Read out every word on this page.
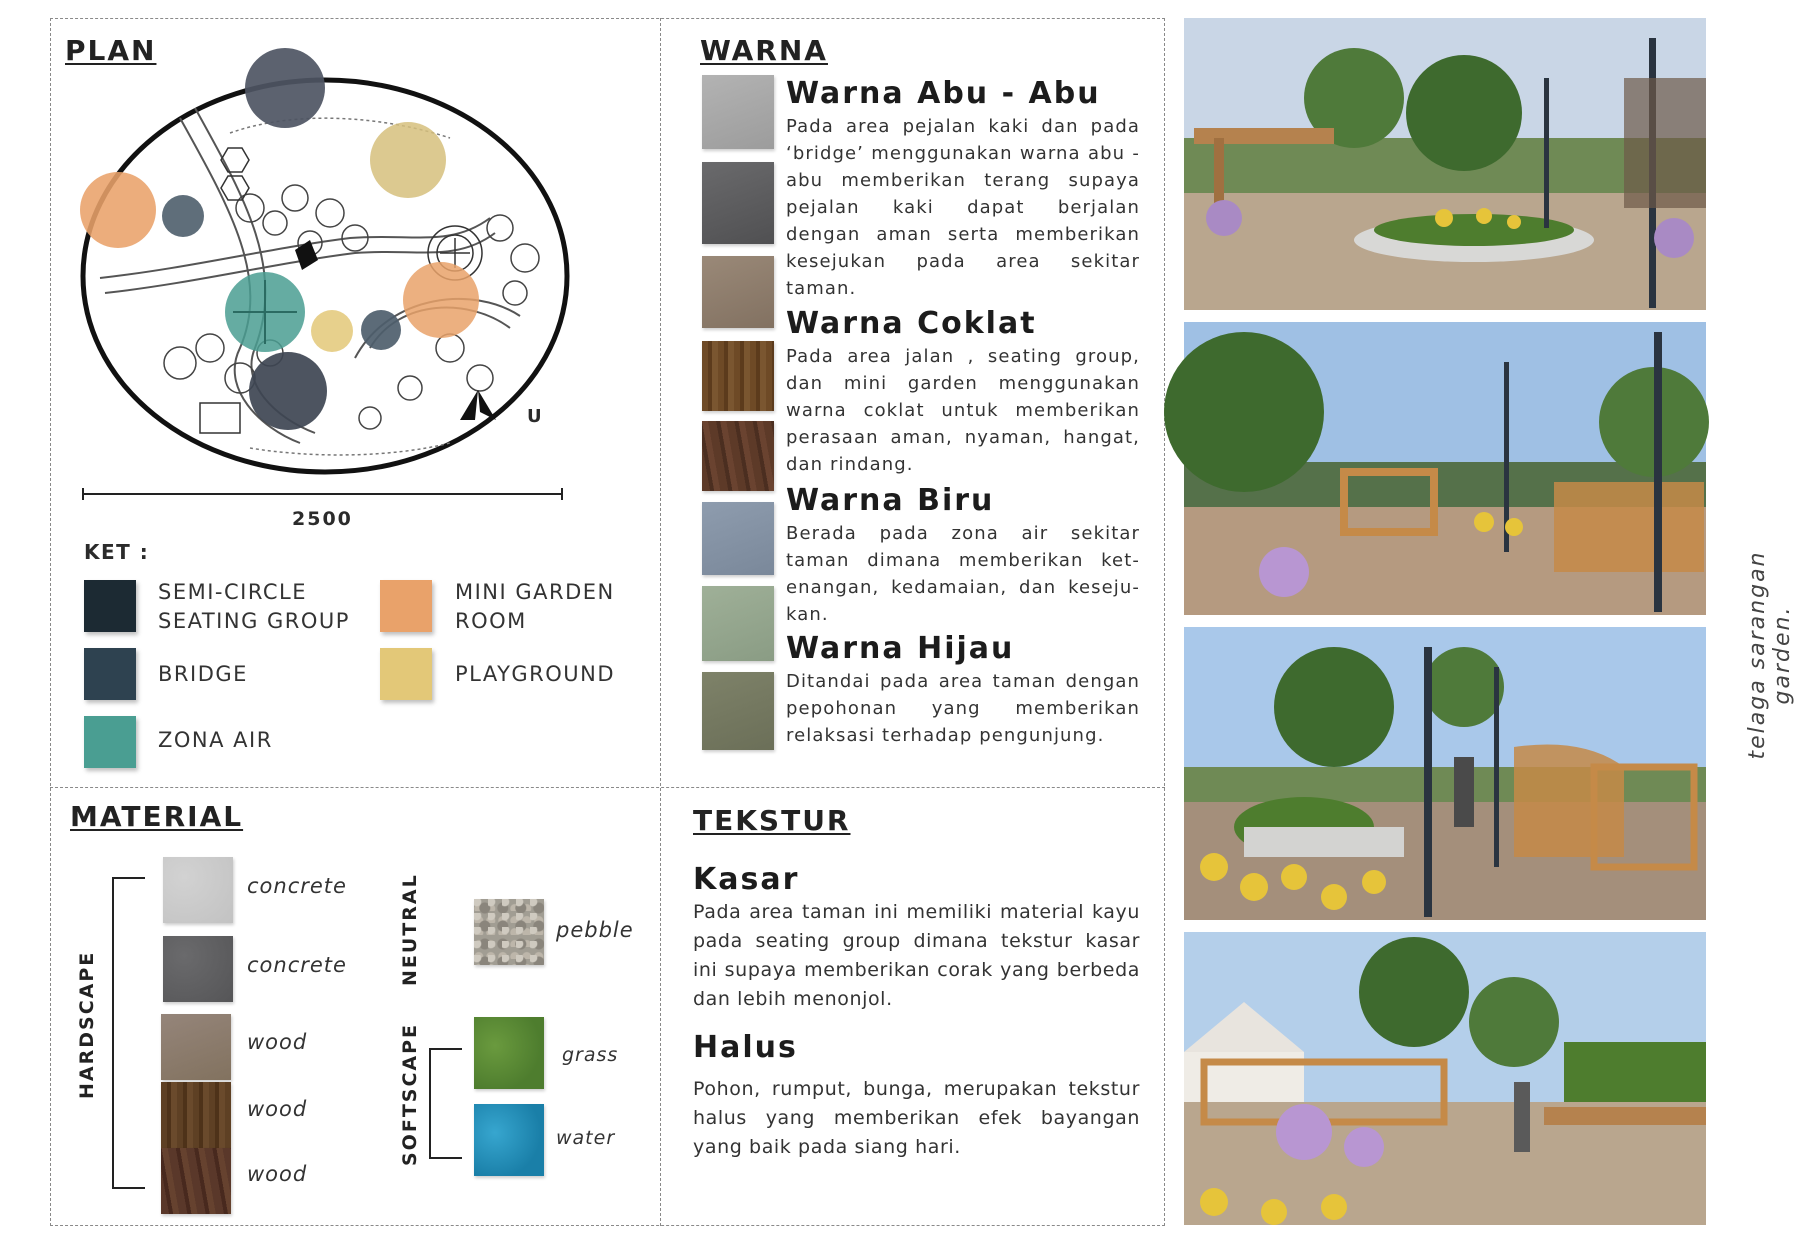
PLAN
U
2500
KET :
SEMI-CIRCLE
SEATING GROUP
BRIDGE
ZONA AIR
MINI GARDEN
ROOM
PLAYGROUND
WARNA
Warna Abu - Abu
Pada area pejalan kaki dan pada ‘bridge’ menggunakan warna abu - abu memberikan terang supaya pejalan kaki dapat berjalan dengan aman serta memberikan kesejukan pada area sekitar taman.
Warna Coklat
Pada area jalan , seating group, dan mini garden menggunakan warna coklat untuk memberikan perasaan aman, nyaman, hangat, dan rindang.
Warna Biru
Berada pada zona air sekitar taman dimana memberikan ket-enangan, kedamaian, dan keseju-kan.
Warna Hijau
Ditandai pada area taman dengan pepohonan yang memberikan relaksasi terhadap pengunjung.
MATERIAL
HARDSCAPE
concrete
concrete
wood
wood
wood
NEUTRAL	pebble
SOFTSCAPE	grass
water
TEKSTUR
Kasar
Pada area taman ini memiliki material kayu pada seating group dimana tekstur kasar ini supaya memberikan corak yang berbeda dan lebih menonjol.
Halus
Pohon, rumput, bunga, merupakan tekstur halus yang memberikan efek bayangan yang baik pada siang hari.
telaga sarangan garden.
